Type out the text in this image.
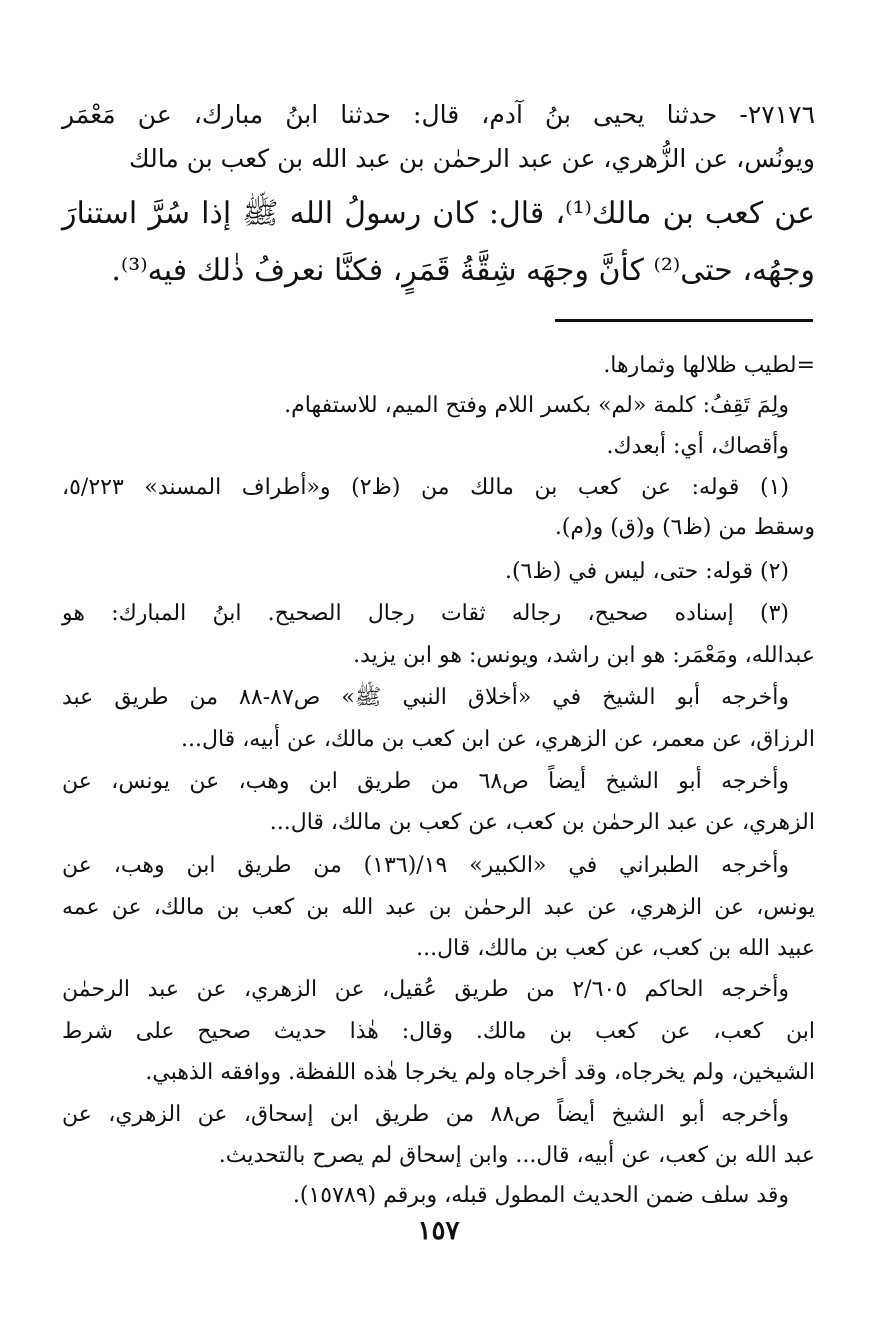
٢٧١٧٦- حدثنا يحيى بنُ آدم، قال: حدثنا ابنُ مبارك، عن مَعْمَر
ويونُس، عن الزُّهري، عن عبد الرحمٰن بن عبد الله بن كعب بن مالك
عن كعب بن مالك⁽¹⁾، قال: كان رسولُ الله ﷺ إذا سُرَّ استنارَ
وجهُه، حتى⁽²⁾ كأنَّ وجهَه شِقَّةُ قَمَرٍ، فكنَّا نعرفُ ذٰلك فيه⁽³⁾.
=لطيب ظلالها وثمارها.
ولِمَ تَقِفُ: كلمة «لم» بكسر اللام وفتح الميم، للاستفهام.
وأقصاك، أي: أبعدك.
(١) قوله: عن كعب بن مالك من (ظ٢) و«أطراف المسند» ٥/٢٢٣،
وسقط من (ظ٦) و(ق) و(م).
(٢) قوله: حتى، ليس في (ظ٦).
(٣) إسناده صحيح، رجاله ثقات رجال الصحيح. ابنُ المبارك: هو
عبدالله، ومَعْمَر: هو ابن راشد، ويونس: هو ابن يزيد.
وأخرجه أبو الشيخ في «أخلاق النبي ﷺ» ص٨٧-٨٨ من طريق عبد
الرزاق، عن معمر، عن الزهري، عن ابن كعب بن مالك، عن أبيه، قال...
وأخرجه أبو الشيخ أيضاً ص٦٨ من طريق ابن وهب، عن يونس، عن
الزهري، عن عبد الرحمٰن بن كعب، عن كعب بن مالك، قال...
وأخرجه الطبراني في «الكبير» ١٩/(١٣٦) من طريق ابن وهب، عن
يونس، عن الزهري، عن عبد الرحمٰن بن عبد الله بن كعب بن مالك، عن عمه
عبيد الله بن كعب، عن كعب بن مالك، قال...
وأخرجه الحاكم ٢/٦٠٥ من طريق عُقيل، عن الزهري، عن عبد الرحمٰن
ابن كعب، عن كعب بن مالك. وقال: هٰذا حديث صحيح على شرط
الشيخين، ولم يخرجاه، وقد أخرجاه ولم يخرجا هٰذه اللفظة. ووافقه الذهبي.
وأخرجه أبو الشيخ أيضاً ص٨٨ من طريق ابن إسحاق، عن الزهري، عن
عبد الله بن كعب، عن أبيه، قال... وابن إسحاق لم يصرح بالتحديث.
وقد سلف ضمن الحديث المطول قبله، وبرقم (١٥٧٨٩).
١٥٧
